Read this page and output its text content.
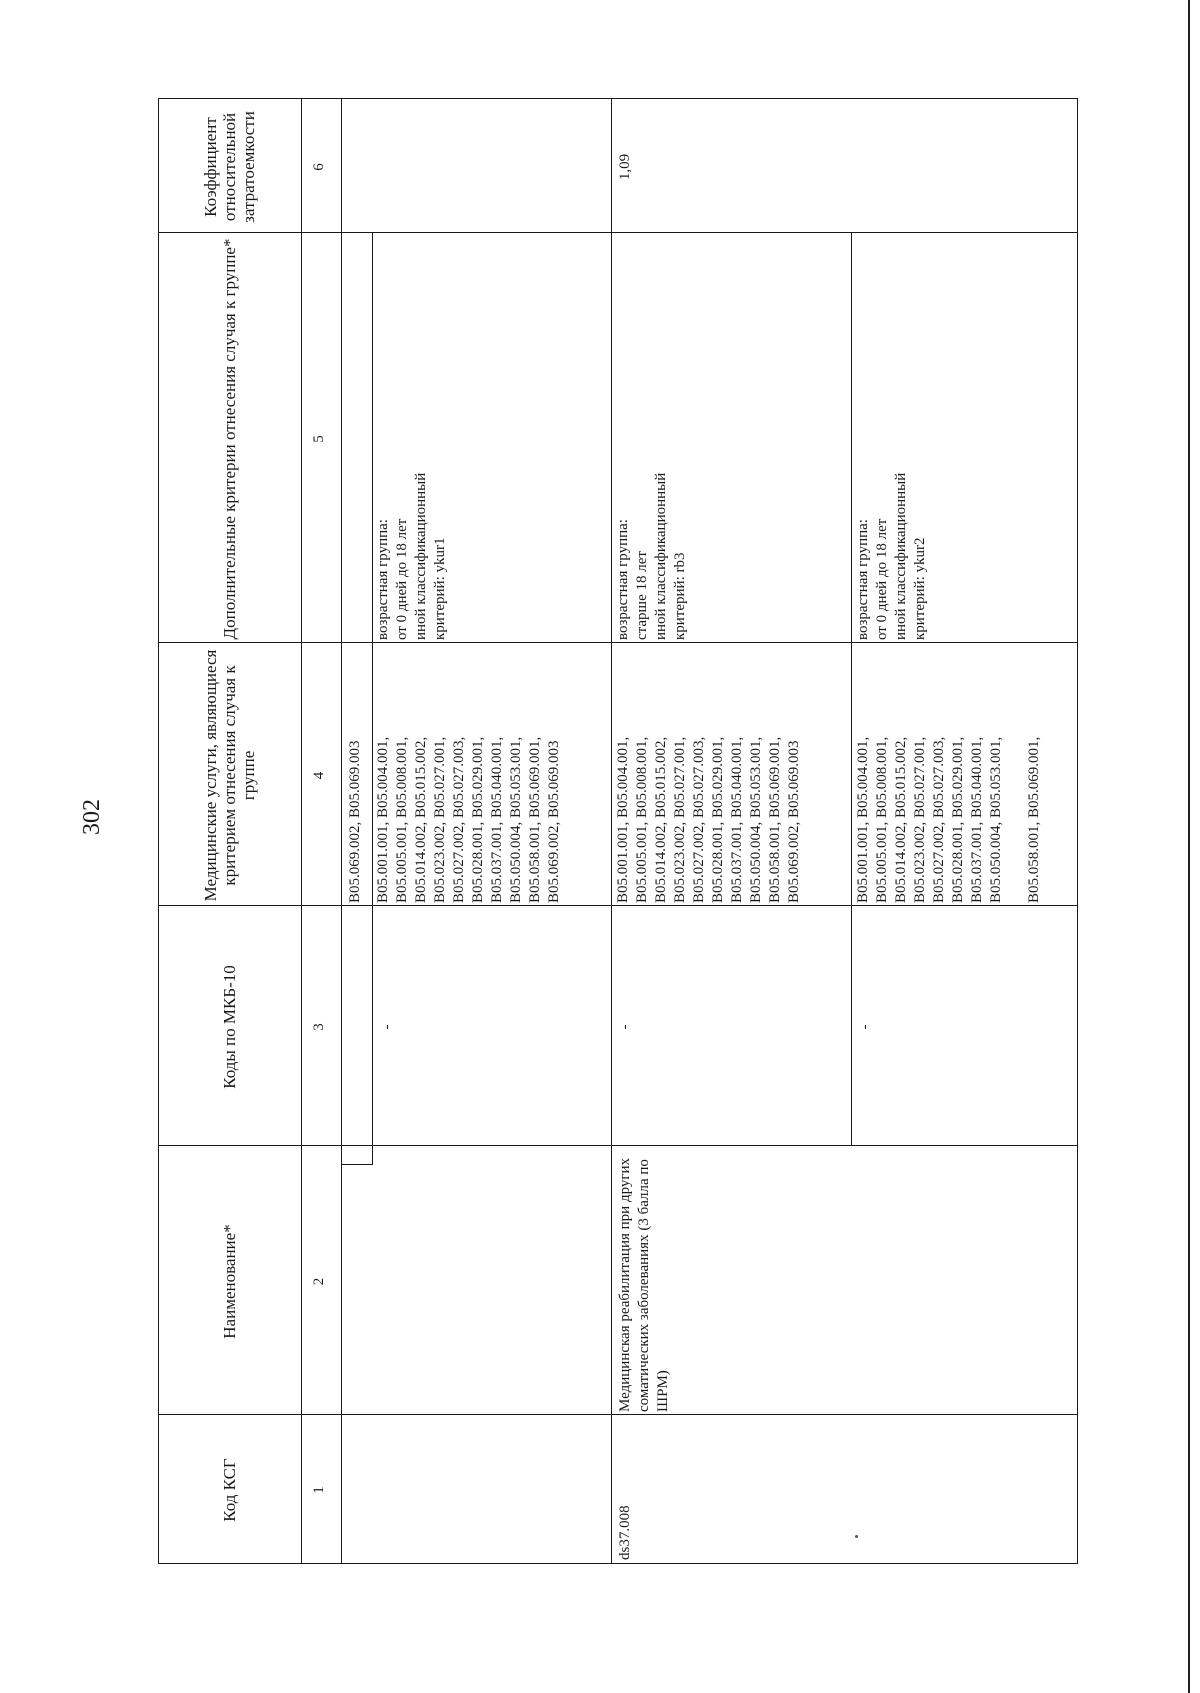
302
Код КСГ
Наименование*
Коды по МКБ-10
Медицинские услуги, являющиеся критерием отнесения случая к группе
Дополнительные критерии отнесения случая к группе*
Коэффициент относительной затратоемкости
1
2
3
4
5
6
B05.069.002, B05.069.003
-
B05.001.001, B05.004.001,
B05.005.001, B05.008.001,
B05.014.002, B05.015.002,
B05.023.002, B05.027.001,
B05.027.002, B05.027.003,
B05.028.001, B05.029.001,
B05.037.001, B05.040.001,
B05.050.004, B05.053.001,
B05.058.001, B05.069.001,
B05.069.002, B05.069.003
возрастная группа:
от 0 дней до 18 лет
иной классификационный
критерий: ykur1
ds37.008
Медицинская реабилитация при других соматических заболеваниях (3 балла по ШРМ)
-
B05.001.001, B05.004.001,
B05.005.001, B05.008.001,
B05.014.002, B05.015.002,
B05.023.002, B05.027.001,
B05.027.002, B05.027.003,
B05.028.001, B05.029.001,
B05.037.001, B05.040.001,
B05.050.004, B05.053.001,
B05.058.001, B05.069.001,
B05.069.002, B05.069.003
возрастная группа:
старше 18 лет
иной классификационный
критерий: rb3
1,09
-
B05.001.001, B05.004.001,
B05.005.001, B05.008.001,
B05.014.002, B05.015.002,
B05.023.002, B05.027.001,
B05.027.002, B05.027.003,
B05.028.001, B05.029.001,
B05.037.001, B05.040.001,
B05.050.004, B05.053.001,

B05.058.001, B05.069.001,
возрастная группа:
от 0 дней до 18 лет
иной классификационный
критерий: ykur2
